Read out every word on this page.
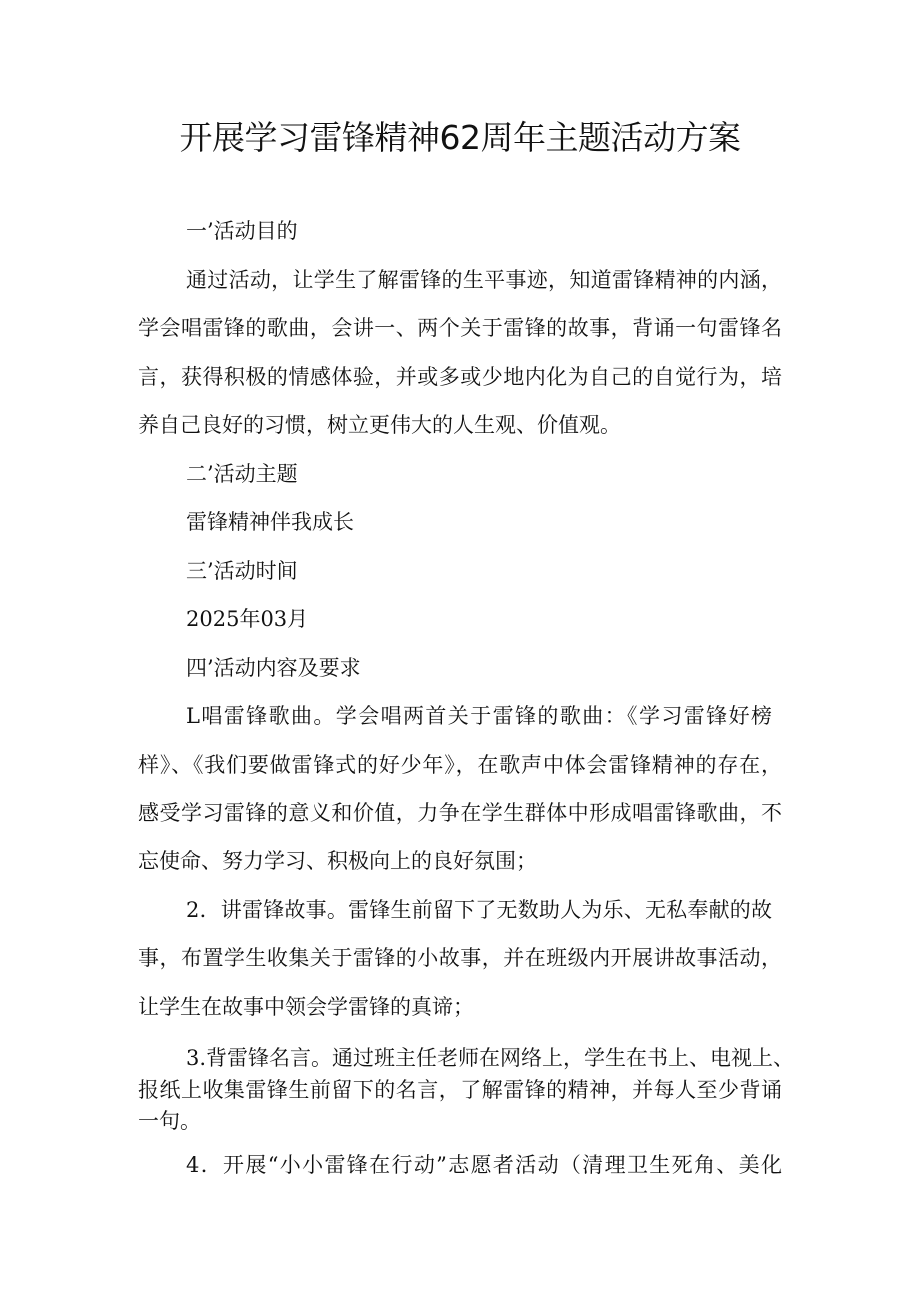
开展学习雷锋精神62周年主题活动方案

一’活动目的

通过活动，让学生了解雷锋的生平事迹，知道雷锋精神的内涵，

学会唱雷锋的歌曲，会讲一、两个关于雷锋的故事，背诵一句雷锋名

言，获得积极的情感体验，并或多或少地内化为自己的自觉行为，培

养自己良好的习惯，树立更伟大的人生观、价值观。

二’活动主题

雷锋精神伴我成长

三’活动时间

2025年03月

四’活动内容及要求

L唱雷锋歌曲。学会唱两首关于雷锋的歌曲：《学习雷锋好榜

样》、《我们要做雷锋式的好少年》，在歌声中体会雷锋精神的存在，

感受学习雷锋的意义和价值，力争在学生群体中形成唱雷锋歌曲，不

忘使命、努力学习、积极向上的良好氛围；

2．讲雷锋故事。雷锋生前留下了无数助人为乐、无私奉献的故

事，布置学生收集关于雷锋的小故事，并在班级内开展讲故事活动，

让学生在故事中领会学雷锋的真谛；

3.背雷锋名言。通过班主任老师在网络上，学生在书上、电视上、

报纸上收集雷锋生前留下的名言，了解雷锋的精神，并每人至少背诵

一句。

4．开展“小小雷锋在行动”志愿者活动（清理卫生死角、美化
